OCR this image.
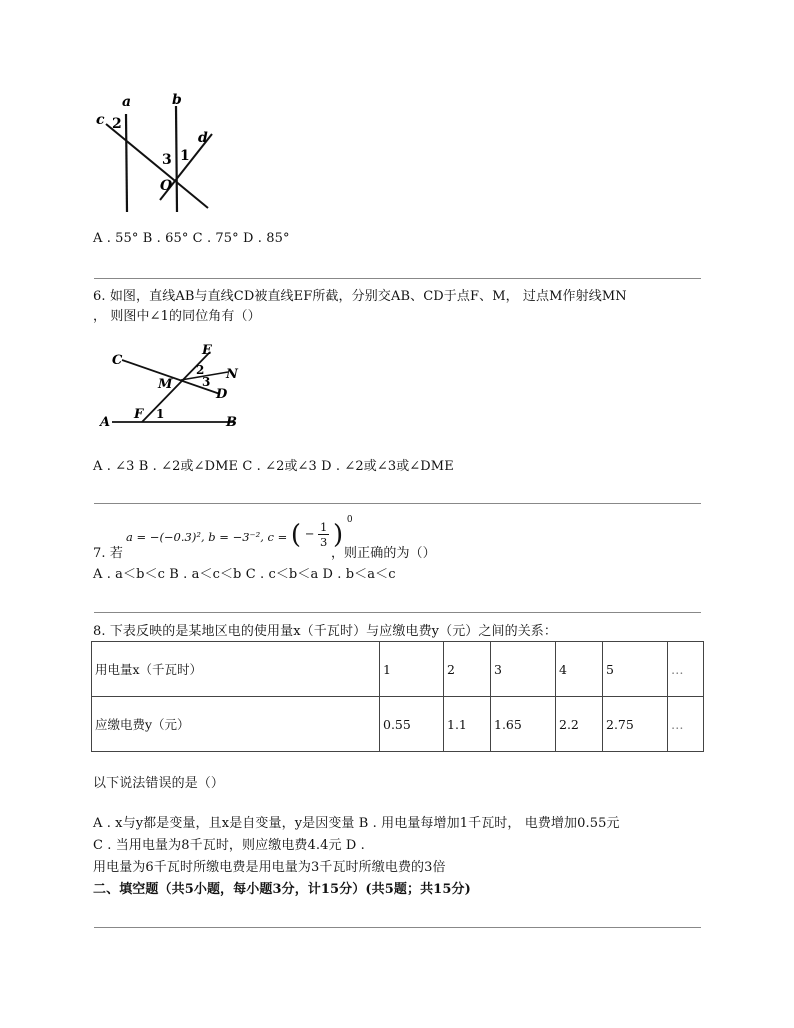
a	b
c
d
2
3 1
O
A . 55° B . 65° C . 75° D . 85°
6. 如图，直线AB与直线CD被直线EF所截，分别交AB、CD于点F、M， 过点M作射线MN
， 则图中∠1的同位角有（）
C
E
N
M
D
A
F
B
1
2
3
A . ∠3 B . ∠2或∠DME C . ∠2或∠3 D . ∠2或∠3或∠DME
a = −(−0.3)², b = −3⁻², c = ( − $\frac{1}{3}$ ) $^0$
7. 若	，则正确的为（）
A . a＜b＜c B . a＜c＜b C . c＜b＜a D . b＜a＜c
8. 下表反映的是某地区电的使用量x（千瓦时）与应缴电费y（元）之间的关系：
用电量x（千瓦时）	1	2	3	4	5	…
应缴电费y（元）	0.55	1.1	1.65	2.2	2.75	…
以下说法错误的是（）
A . x与y都是变量，且x是自变量，y是因变量 B . 用电量每增加1千瓦时， 电费增加0.55元
C . 当用电量为8千瓦时，则应缴电费4.4元 D .
用电量为6千瓦时所缴电费是用电量为3千瓦时所缴电费的3倍
二、填空题（共5小题，每小题3分，计15分）(共5题；共15分)
